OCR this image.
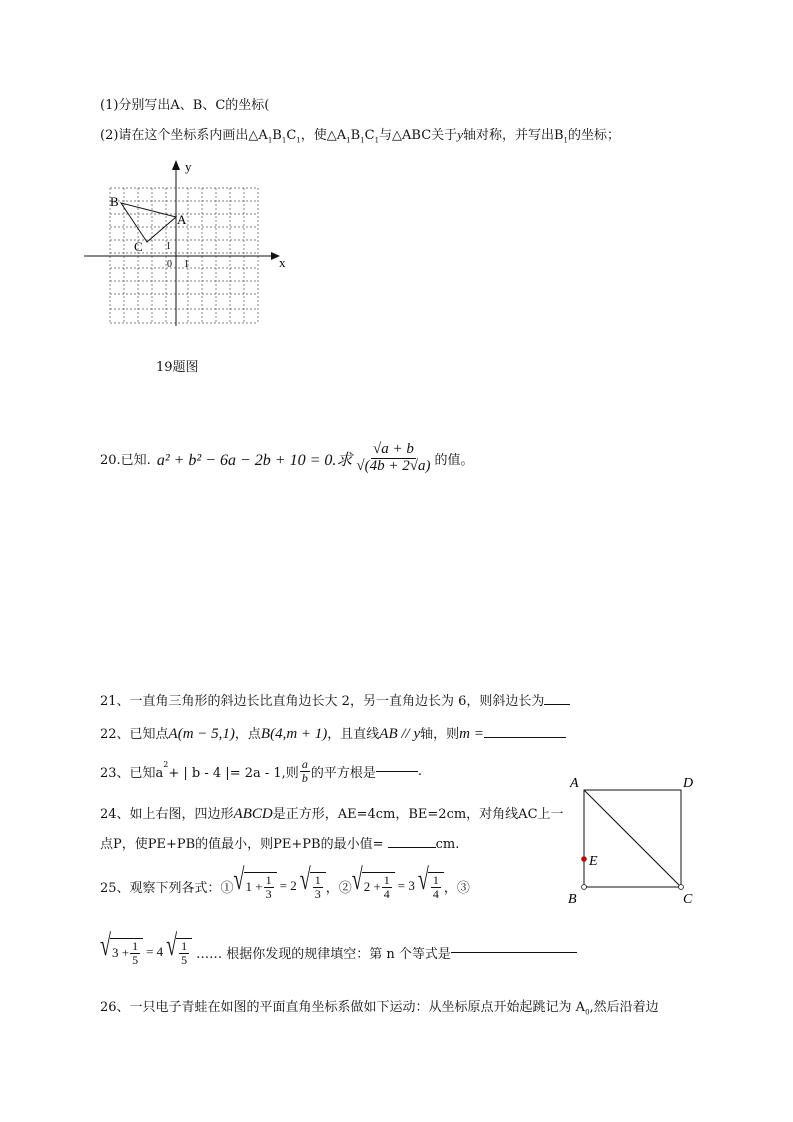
(1)分别写出A、B、C的坐标(
(2)请在这个坐标系内画出$\triangle A_1B_1C_1$，使$\triangle A_1B_1C_1$与△ABC关于y轴对称，并写出$B_1$的坐标；
x
y
0 1
1
B
A
C
19题图
20.已知. a² + b² − 6a − 2b + 10 = 0.求 $\frac{√a + b}{√(4b + 2√a)}$ 的值。
21、一直角三角形的斜边长比直角边长大 2，另一直角边长为 6，则斜边长为
22、已知点A(m − 5,1)，点B(4,m + 1)，且直线AB // y轴，则m =
23、已知a
$^2$
+ | b - 4 |= 2a - 1,则 $\frac{a}{b}$ 的平方根是	.
24、如上右图，四边形ABCD是正方形，AE=4cm，BE=2cm，对角线AC上一
点P，使PE+PB的值最小，则PE+PB的最小值=	cm.
A	D
E
B	C
25、观察下列各式：① √ $1 + \frac{1}{3} = 2$ √ $\frac{1}{3}$ ，② √ $2 + \frac{1}{4} = 3$ √ $\frac{1}{4}$ ，③
√ $3 + \frac{1}{5} = 4$ √ $\frac{1}{5}$ …… 根据你发现的规律填空：第 n 个等式是
26、一只电子青蛙在如图的平面直角坐标系做如下运动：从坐标原点开始起跳记为 $A_0$,然后沿着边
